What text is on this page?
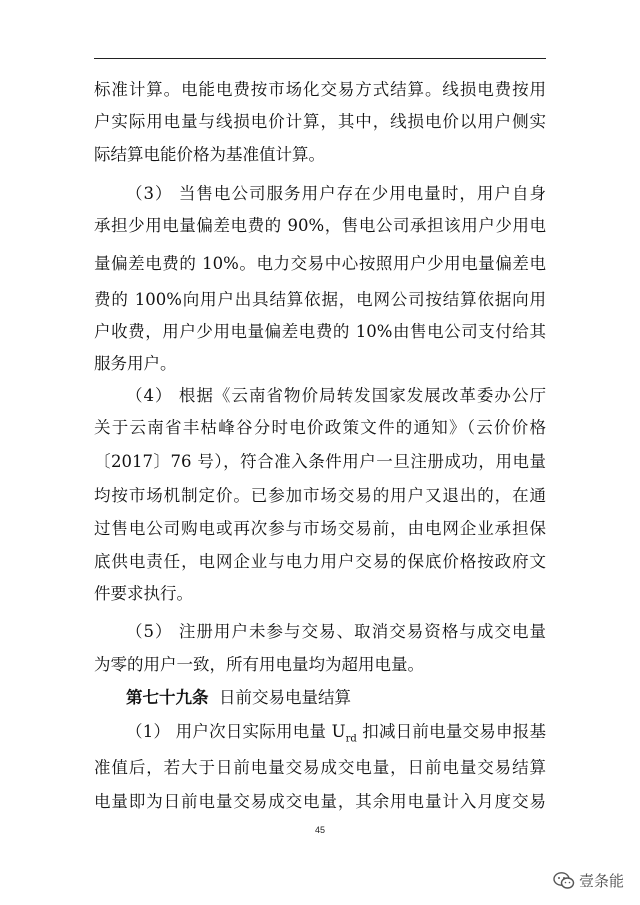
标准计算。电能电费按市场化交易方式结算。线损电费按用
户实际用电量与线损电价计算，其中，线损电价以用户侧实
际结算电能价格为基准值计算。
（3） 当售电公司服务用户存在少用电量时，用户自身
承担少用电量偏差电费的 90%，售电公司承担该用户少用电
量偏差电费的 10%。电力交易中心按照用户少用电量偏差电
费的 100%向用户出具结算依据，电网公司按结算依据向用
户收费，用户少用电量偏差电费的 10%由售电公司支付给其
服务用户。
（4） 根据《云南省物价局转发国家发展改革委办公厅
关于云南省丰枯峰谷分时电价政策文件的通知》（云价价格
〔2017〕76 号），符合准入条件用户一旦注册成功，用电量
均按市场机制定价。已参加市场交易的用户又退出的，在通
过售电公司购电或再次参与市场交易前，由电网企业承担保
底供电责任，电网企业与电力用户交易的保底价格按政府文
件要求执行。
（5） 注册用户未参与交易、取消交易资格与成交电量
为零的用户一致，所有用电量均为超用电量。
第七十九条 日前交易电量结算
（1） 用户次日实际用电量 $U_{rd}$ 扣减日前电量交易申报基
准值后，若大于日前电量交易成交电量，日前电量交易结算
电量即为日前电量交易成交电量，其余用电量计入月度交易
45
壹条能
